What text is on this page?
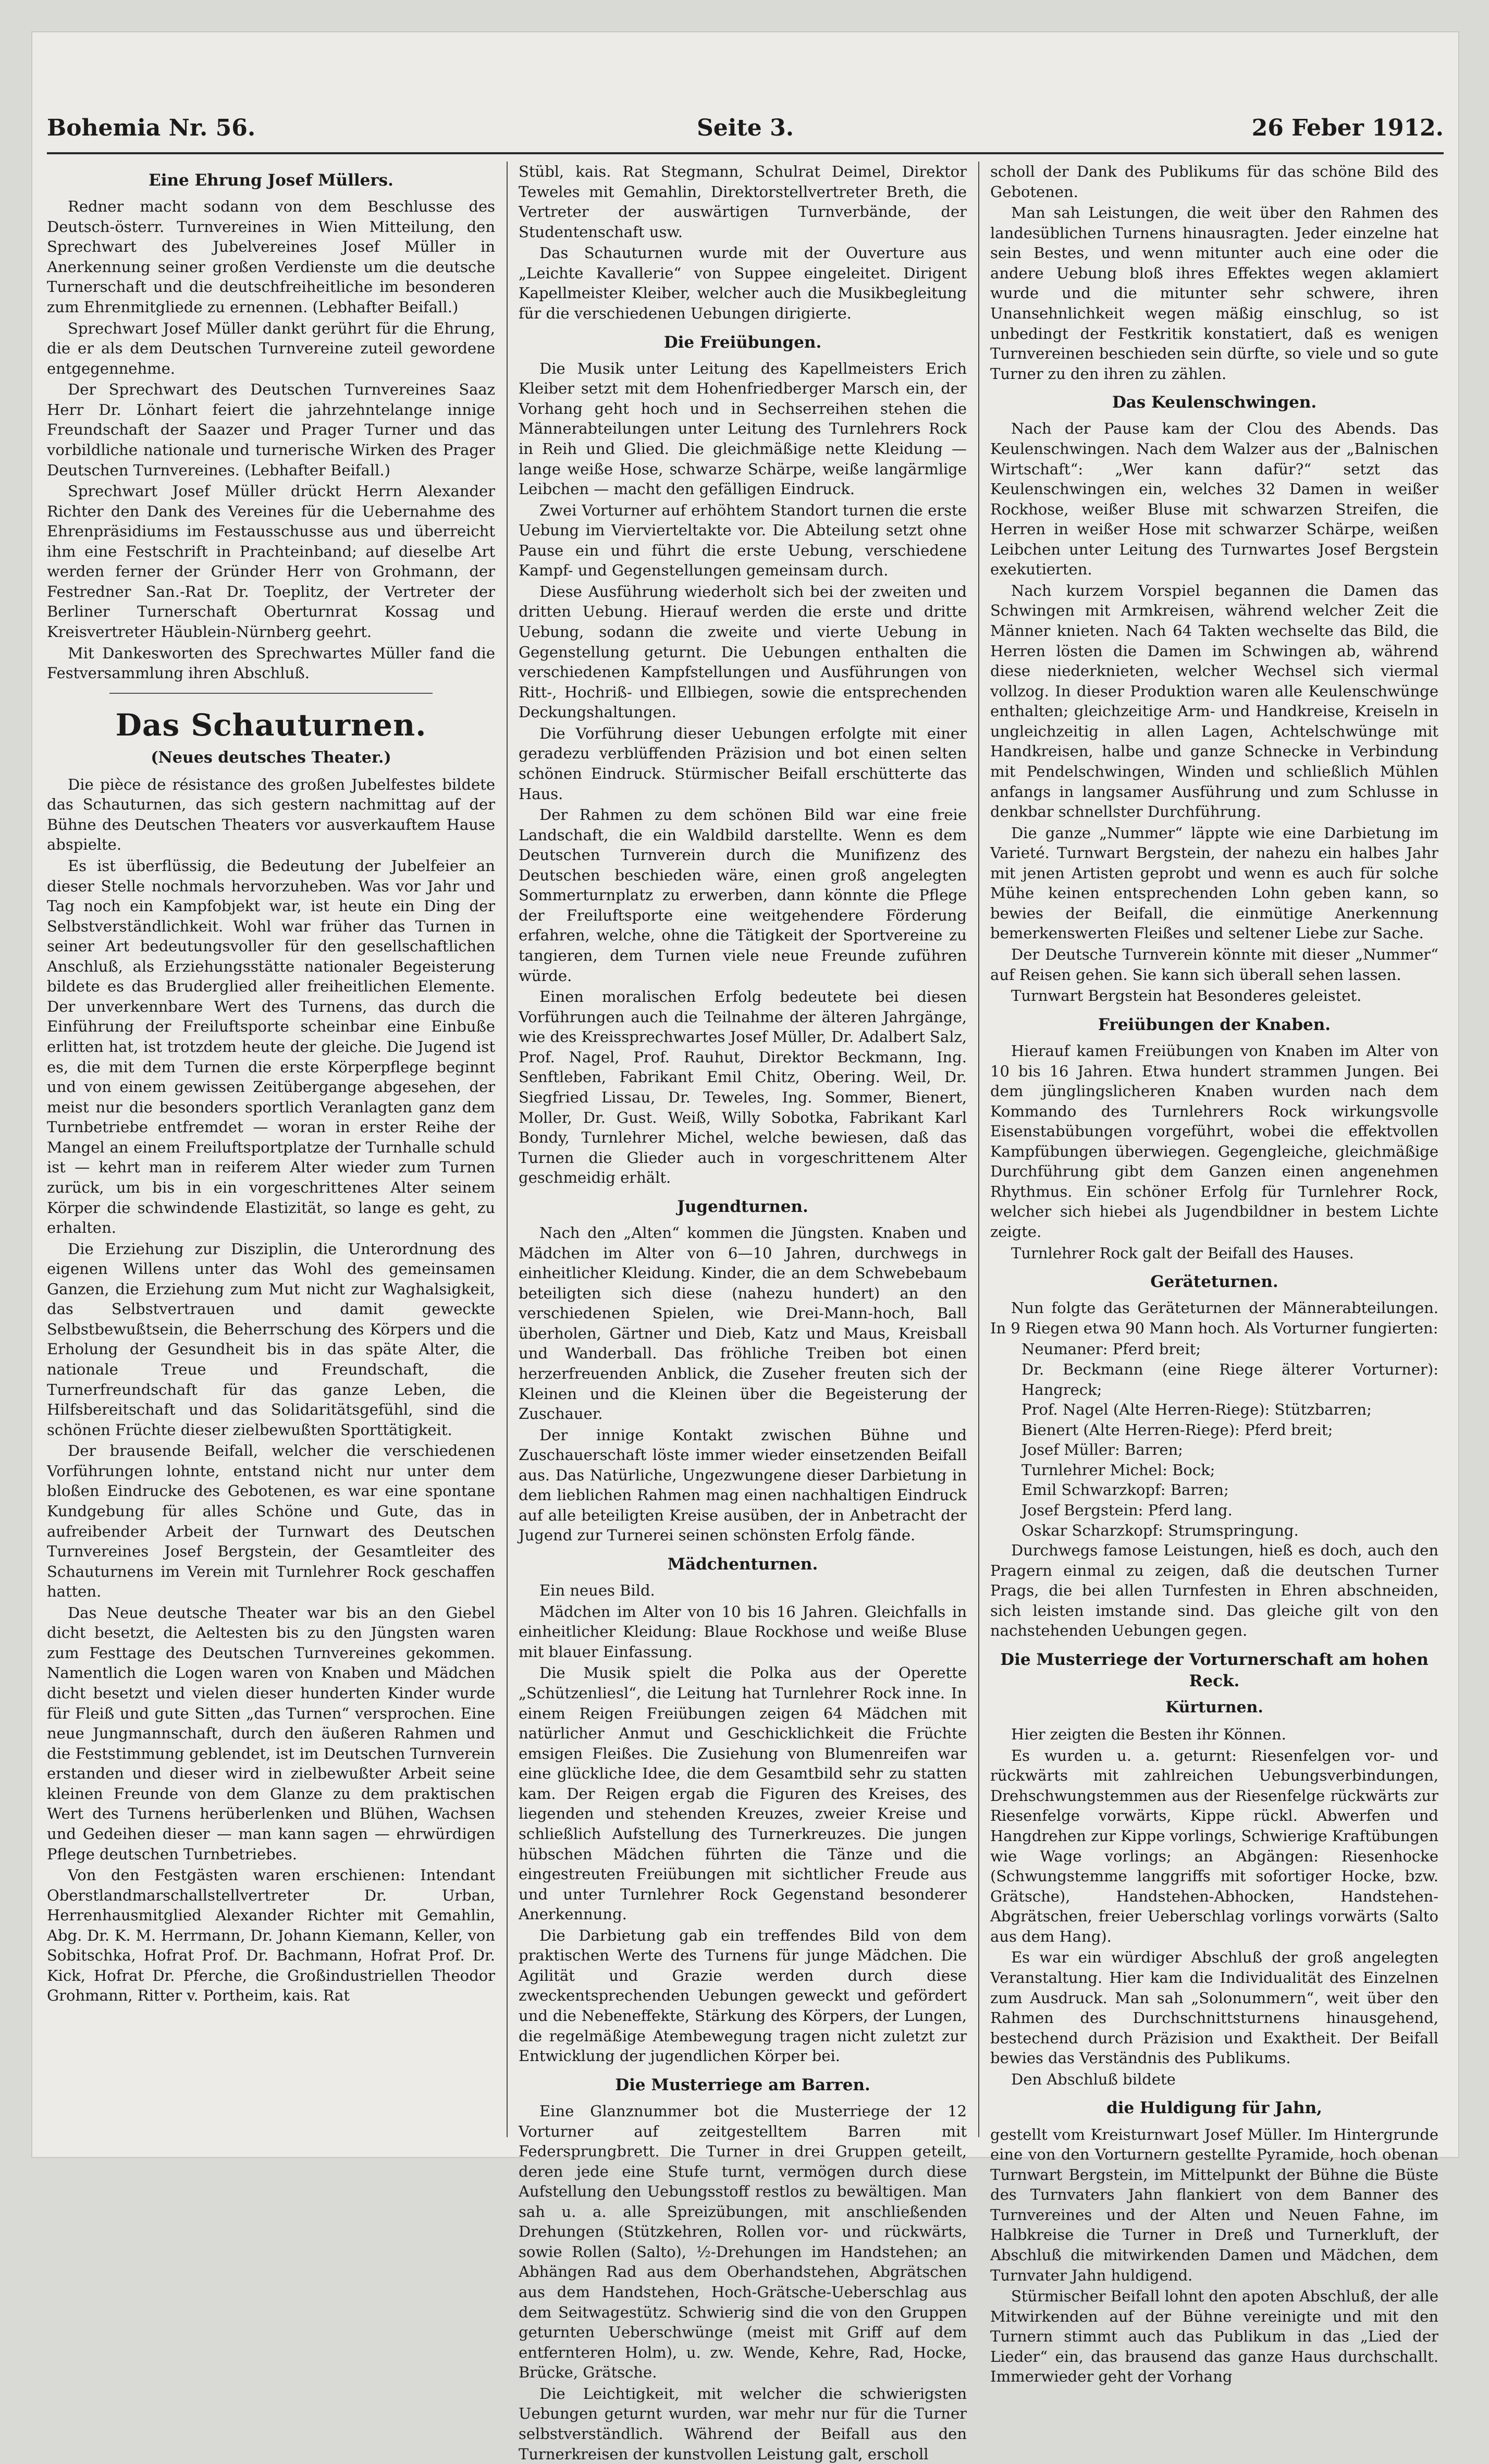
Bohemia Nr. 56.	Seite 3.	26 Feber 1912.
Eine Ehrung Josef Müllers.

Redner macht sodann von dem Beschlusse des Deutsch-österr. Turnvereines in Wien Mitteilung, den Sprechwart des Jubelvereines Josef Müller in Anerkennung seiner großen Verdienste um die deutsche Turnerschaft und die deutschfreiheitliche im besonderen zum Ehrenmitgliede zu ernennen. (Lebhafter Beifall.)

Sprechwart Josef Müller dankt gerührt für die Ehrung, die er als dem Deutschen Turnvereine zuteil gewordene entgegennehme.

Der Sprechwart des Deutschen Turnvereines Saaz Herr Dr. Lönhart feiert die jahrzehntelange innige Freundschaft der Saazer und Prager Turner und das vorbildliche nationale und turnerische Wirken des Prager Deutschen Turnvereines. (Lebhafter Beifall.)

Sprechwart Josef Müller drückt Herrn Alexander Richter den Dank des Vereines für die Uebernahme des Ehrenpräsidiums im Festausschusse aus und überreicht ihm eine Festschrift in Prachteinband; auf dieselbe Art werden ferner der Gründer Herr von Grohmann, der Festredner San.-Rat Dr. Toeplitz, der Vertreter der Berliner Turnerschaft Oberturnrat Kossag und Kreisvertreter Häublein-Nürnberg geehrt.

Mit Dankesworten des Sprechwartes Müller fand die Festversammlung ihren Abschluß.

Das Schauturnen.
(Neues deutsches Theater.)

Die pièce de résistance des großen Jubelfestes bildete das Schauturnen, das sich gestern nachmittag auf der Bühne des Deutschen Theaters vor ausverkauftem Hause abspielte.

Es ist überflüssig, die Bedeutung der Jubelfeier an dieser Stelle nochmals hervorzuheben. Was vor Jahr und Tag noch ein Kampfobjekt war, ist heute ein Ding der Selbstverständlichkeit. Wohl war früher das Turnen in seiner Art bedeutungsvoller für den gesellschaftlichen Anschluß, als Erziehungsstätte nationaler Begeisterung bildete es das Bruderglied aller freiheitlichen Elemente. Der unverkennbare Wert des Turnens, das durch die Einführung der Freiluftsporte scheinbar eine Einbuße erlitten hat, ist trotzdem heute der gleiche. Die Jugend ist es, die mit dem Turnen die erste Körperpflege beginnt und von einem gewissen Zeitübergange abgesehen, der meist nur die besonders sportlich Veranlagten ganz dem Turnbetriebe entfremdet — woran in erster Reihe der Mangel an einem Freiluftsportplatze der Turnhalle schuld ist — kehrt man in reiferem Alter wieder zum Turnen zurück, um bis in ein vorgeschrittenes Alter seinem Körper die schwindende Elastizität, so lange es geht, zu erhalten.

Die Erziehung zur Disziplin, die Unterordnung des eigenen Willens unter das Wohl des gemeinsamen Ganzen, die Erziehung zum Mut nicht zur Waghalsigkeit, das Selbstvertrauen und damit geweckte Selbstbewußtsein, die Beherrschung des Körpers und die Erholung der Gesundheit bis in das späte Alter, die nationale Treue und Freundschaft, die Turnerfreundschaft für das ganze Leben, die Hilfsbereitschaft und das Solidaritätsgefühl, sind die schönen Früchte dieser zielbewußten Sporttätigkeit.

Der brausende Beifall, welcher die verschiedenen Vorführungen lohnte, entstand nicht nur unter dem bloßen Eindrucke des Gebotenen, es war eine spontane Kundgebung für alles Schöne und Gute, das in aufreibender Arbeit der Turnwart des Deutschen Turnvereines Josef Bergstein, der Gesamtleiter des Schauturnens im Verein mit Turnlehrer Rock geschaffen hatten.

Das Neue deutsche Theater war bis an den Giebel dicht besetzt, die Aeltesten bis zu den Jüngsten waren zum Festtage des Deutschen Turnvereines gekommen. Namentlich die Logen waren von Knaben und Mädchen dicht besetzt und vielen dieser hunderten Kinder wurde für Fleiß und gute Sitten „das Turnen“ versprochen. Eine neue Jungmannschaft, durch den äußeren Rahmen und die Feststimmung geblendet, ist im Deutschen Turnverein erstanden und dieser wird in zielbewußter Arbeit seine kleinen Freunde von dem Glanze zu dem praktischen Wert des Turnens herüberlenken und Blühen, Wachsen und Gedeihen dieser — man kann sagen — ehrwürdigen Pflege deutschen Turnbetriebes.

Von den Festgästen waren erschienen: Intendant Oberstlandmarschallstellvertreter Dr. Urban, Herrenhausmitglied Alexander Richter mit Gemahlin, Abg. Dr. K. M. Herrmann, Dr. Johann Kiemann, Keller, von Sobitschka, Hofrat Prof. Dr. Bachmann, Hofrat Prof. Dr. Kick, Hofrat Dr. Pferche, die Großindustriellen Theodor Grohmann, Ritter v. Portheim, kais. Rat

Stübl, kais. Rat Stegmann, Schulrat Deimel, Direktor Teweles mit Gemahlin, Direktorstellvertreter Breth, die Vertreter der auswärtigen Turnverbände, der Studentenschaft usw.

Das Schauturnen wurde mit der Ouverture aus „Leichte Kavallerie“ von Suppee eingeleitet. Dirigent Kapellmeister Kleiber, welcher auch die Musikbegleitung für die verschiedenen Uebungen dirigierte.

Die Freiübungen.

Die Musik unter Leitung des Kapellmeisters Erich Kleiber setzt mit dem Hohenfriedberger Marsch ein, der Vorhang geht hoch und in Sechserreihen stehen die Männerabteilungen unter Leitung des Turnlehrers Rock in Reih und Glied. Die gleichmäßige nette Kleidung — lange weiße Hose, schwarze Schärpe, weiße langärmlige Leibchen — macht den gefälligen Eindruck.

Zwei Vorturner auf erhöhtem Standort turnen die erste Uebung im Viervierteltakte vor. Die Abteilung setzt ohne Pause ein und führt die erste Uebung, verschiedene Kampf- und Gegenstellungen gemeinsam durch.

Diese Ausführung wiederholt sich bei der zweiten und dritten Uebung. Hierauf werden die erste und dritte Uebung, sodann die zweite und vierte Uebung in Gegenstellung geturnt. Die Uebungen enthalten die verschiedenen Kampfstellungen und Ausführungen von Ritt-, Hochriß- und Ellbiegen, sowie die entsprechenden Deckungshaltungen.

Die Vorführung dieser Uebungen erfolgte mit einer geradezu verblüffenden Präzision und bot einen selten schönen Eindruck. Stürmischer Beifall erschütterte das Haus.

Der Rahmen zu dem schönen Bild war eine freie Landschaft, die ein Waldbild darstellte. Wenn es dem Deutschen Turnverein durch die Munifizenz des Deutschen beschieden wäre, einen groß angelegten Sommerturnplatz zu erwerben, dann könnte die Pflege der Freiluftsporte eine weitgehendere Förderung erfahren, welche, ohne die Tätigkeit der Sportvereine zu tangieren, dem Turnen viele neue Freunde zuführen würde.

Einen moralischen Erfolg bedeutete bei diesen Vorführungen auch die Teilnahme der älteren Jahrgänge, wie des Kreissprechwartes Josef Müller, Dr. Adalbert Salz, Prof. Nagel, Prof. Rauhut, Direktor Beckmann, Ing. Senftleben, Fabrikant Emil Chitz, Obering. Weil, Dr. Siegfried Lissau, Dr. Teweles, Ing. Sommer, Bienert, Moller, Dr. Gust. Weiß, Willy Sobotka, Fabrikant Karl Bondy, Turnlehrer Michel, welche bewiesen, daß das Turnen die Glieder auch in vorgeschrittenem Alter geschmeidig erhält.

Jugendturnen.

Nach den „Alten“ kommen die Jüngsten. Knaben und Mädchen im Alter von 6—10 Jahren, durchwegs in einheitlicher Kleidung. Kinder, die an dem Schwebebaum beteiligten sich diese (nahezu hundert) an den verschiedenen Spielen, wie Drei-Mann-hoch, Ball überholen, Gärtner und Dieb, Katz und Maus, Kreisball und Wanderball. Das fröhliche Treiben bot einen herzerfreuenden Anblick, die Zuseher freuten sich der Kleinen und die Kleinen über die Begeisterung der Zuschauer.

Der innige Kontakt zwischen Bühne und Zuschauerschaft löste immer wieder einsetzenden Beifall aus. Das Natürliche, Ungezwungene dieser Darbietung in dem lieblichen Rahmen mag einen nachhaltigen Eindruck auf alle beteiligten Kreise ausüben, der in Anbetracht der Jugend zur Turnerei seinen schönsten Erfolg fände.

Mädchenturnen.

Ein neues Bild.

Mädchen im Alter von 10 bis 16 Jahren. Gleichfalls in einheitlicher Kleidung: Blaue Rockhose und weiße Bluse mit blauer Einfassung.

Die Musik spielt die Polka aus der Operette „Schützenliesl“, die Leitung hat Turnlehrer Rock inne. In einem Reigen Freiübungen zeigen 64 Mädchen mit natürlicher Anmut und Geschicklichkeit die Früchte emsigen Fleißes. Die Zusiehung von Blumenreifen war eine glückliche Idee, die dem Gesamtbild sehr zu statten kam. Der Reigen ergab die Figuren des Kreises, des liegenden und stehenden Kreuzes, zweier Kreise und schließlich Aufstellung des Turnerkreuzes. Die jungen hübschen Mädchen führten die Tänze und die eingestreuten Freiübungen mit sichtlicher Freude aus und unter Turnlehrer Rock Gegenstand besonderer Anerkennung.

Die Darbietung gab ein treffendes Bild von dem praktischen Werte des Turnens für junge Mädchen. Die Agilität und Grazie werden durch diese zweckentsprechenden Uebungen geweckt und gefördert und die Nebeneffekte, Stärkung des Körpers, der Lungen, die regelmäßige Atembewegung tragen nicht zuletzt zur Entwicklung der jugendlichen Körper bei.

Die Musterriege am Barren.

Eine Glanznummer bot die Musterriege der 12 Vorturner auf zeitgestelltem Barren mit Federsprungbrett. Die Turner in drei Gruppen geteilt, deren jede eine Stufe turnt, vermögen durch diese Aufstellung den Uebungsstoff restlos zu bewältigen. Man sah u. a. alle Spreizübungen, mit anschließenden Drehungen (Stützkehren, Rollen vor- und rückwärts, sowie Rollen (Salto), ½-Drehungen im Handstehen; an Abhängen Rad aus dem Oberhandstehen, Abgrätschen aus dem Handstehen, Hoch-Grätsche-Ueberschlag aus dem Seitwagestütz. Schwierig sind die von den Gruppen geturnten Ueberschwünge (meist mit Griff auf dem entfernteren Holm), u. zw. Wende, Kehre, Rad, Hocke, Brücke, Grätsche.

Die Leichtigkeit, mit welcher die schwierigsten Uebungen geturnt wurden, war mehr nur für die Turner selbstverständlich. Während der Beifall aus den Turnerkreisen der kunstvollen Leistung galt, erscholl

scholl der Dank des Publikums für das schöne Bild des Gebotenen.

Man sah Leistungen, die weit über den Rahmen des landesüblichen Turnens hinausragten. Jeder einzelne hat sein Bestes, und wenn mitunter auch eine oder die andere Uebung bloß ihres Effektes wegen aklamiert wurde und die mitunter sehr schwere, ihren Unansehnlichkeit wegen mäßig einschlug, so ist unbedingt der Festkritik konstatiert, daß es wenigen Turnvereinen beschieden sein dürfte, so viele und so gute Turner zu den ihren zu zählen.

Das Keulenschwingen.

Nach der Pause kam der Clou des Abends. Das Keulenschwingen. Nach dem Walzer aus der „Balnischen Wirtschaft“: „Wer kann dafür?“ setzt das Keulenschwingen ein, welches 32 Damen in weißer Rockhose, weißer Bluse mit schwarzen Streifen, die Herren in weißer Hose mit schwarzer Schärpe, weißen Leibchen unter Leitung des Turnwartes Josef Bergstein exekutierten.

Nach kurzem Vorspiel begannen die Damen das Schwingen mit Armkreisen, während welcher Zeit die Männer knieten. Nach 64 Takten wechselte das Bild, die Herren lösten die Damen im Schwingen ab, während diese niederknieten, welcher Wechsel sich viermal vollzog. In dieser Produktion waren alle Keulenschwünge enthalten; gleichzeitige Arm- und Handkreise, Kreiseln in ungleichzeitig in allen Lagen, Achtelschwünge mit Handkreisen, halbe und ganze Schnecke in Verbindung mit Pendelschwingen, Winden und schließlich Mühlen anfangs in langsamer Ausführung und zum Schlusse in denkbar schnellster Durchführung.

Die ganze „Nummer“ läppte wie eine Darbietung im Varieté. Turnwart Bergstein, der nahezu ein halbes Jahr mit jenen Artisten geprobt und wenn es auch für solche Mühe keinen entsprechenden Lohn geben kann, so bewies der Beifall, die einmütige Anerkennung bemerkenswerten Fleißes und seltener Liebe zur Sache.

Der Deutsche Turnverein könnte mit dieser „Nummer“ auf Reisen gehen. Sie kann sich überall sehen lassen.

Turnwart Bergstein hat Besonderes geleistet.

Freiübungen der Knaben.

Hierauf kamen Freiübungen von Knaben im Alter von 10 bis 16 Jahren. Etwa hundert strammen Jungen. Bei dem jünglingslicheren Knaben wurden nach dem Kommando des Turnlehrers Rock wirkungsvolle Eisenstabübungen vorgeführt, wobei die effektvollen Kampfübungen überwiegen. Gegengleiche, gleichmäßige Durchführung gibt dem Ganzen einen angenehmen Rhythmus. Ein schöner Erfolg für Turnlehrer Rock, welcher sich hiebei als Jugendbildner in bestem Lichte zeigte.

Turnlehrer Rock galt der Beifall des Hauses.

Geräteturnen.

Nun folgte das Geräteturnen der Männerabteilungen. In 9 Riegen etwa 90 Mann hoch. Als Vorturner fungierten:

Neumaner: Pferd breit;
Dr. Beckmann (eine Riege älterer Vorturner): Hangreck;
Prof. Nagel (Alte Herren-Riege): Stützbarren;
Bienert (Alte Herren-Riege): Pferd breit;
Josef Müller: Barren;
Turnlehrer Michel: Bock;
Emil Schwarzkopf: Barren;
Josef Bergstein: Pferd lang.
Oskar Scharzkopf: Strumspringung.

Durchwegs famose Leistungen, hieß es doch, auch den Pragern einmal zu zeigen, daß die deutschen Turner Prags, die bei allen Turnfesten in Ehren abschneiden, sich leisten imstande sind. Das gleiche gilt von den nachstehenden Uebungen gegen.

Die Musterriege der Vorturnerschaft am hohen Reck.
Kürturnen.

Hier zeigten die Besten ihr Können.

Es wurden u. a. geturnt: Riesenfelgen vor- und rückwärts mit zahlreichen Uebungsverbindungen, Drehschwungstemmen aus der Riesenfelge rückwärts zur Riesenfelge vorwärts, Kippe rückl. Abwerfen und Hangdrehen zur Kippe vorlings, Schwierige Kraftübungen wie Wage vorlings; an Abgängen: Riesenhocke (Schwungstemme langgriffs mit sofortiger Hocke, bzw. Grätsche), Handstehen-Abhocken, Handstehen-Abgrätschen, freier Ueberschlag vorlings vorwärts (Salto aus dem Hang).

Es war ein würdiger Abschluß der groß angelegten Veranstaltung. Hier kam die Individualität des Einzelnen zum Ausdruck. Man sah „Solonummern“, weit über den Rahmen des Durchschnittsturnens hinausgehend, bestechend durch Präzision und Exaktheit. Der Beifall bewies das Verständnis des Publikums.

Den Abschluß bildete

die Huldigung für Jahn,

gestellt vom Kreisturnwart Josef Müller. Im Hintergrunde eine von den Vorturnern gestellte Pyramide, hoch obenan Turnwart Bergstein, im Mittelpunkt der Bühne die Büste des Turnvaters Jahn flankiert von dem Banner des Turnvereines und der Alten und Neuen Fahne, im Halbkreise die Turner in Dreß und Turnerkluft, der Abschluß die mitwirkenden Damen und Mädchen, dem Turnvater Jahn huldigend.

Stürmischer Beifall lohnt den apoten Abschluß, der alle Mitwirkenden auf der Bühne vereinigte und mit den Turnern stimmt auch das Publikum in das „Lied der Lieder“ ein, das brausend das ganze Haus durchschallt. Immerwieder geht der Vorhang
